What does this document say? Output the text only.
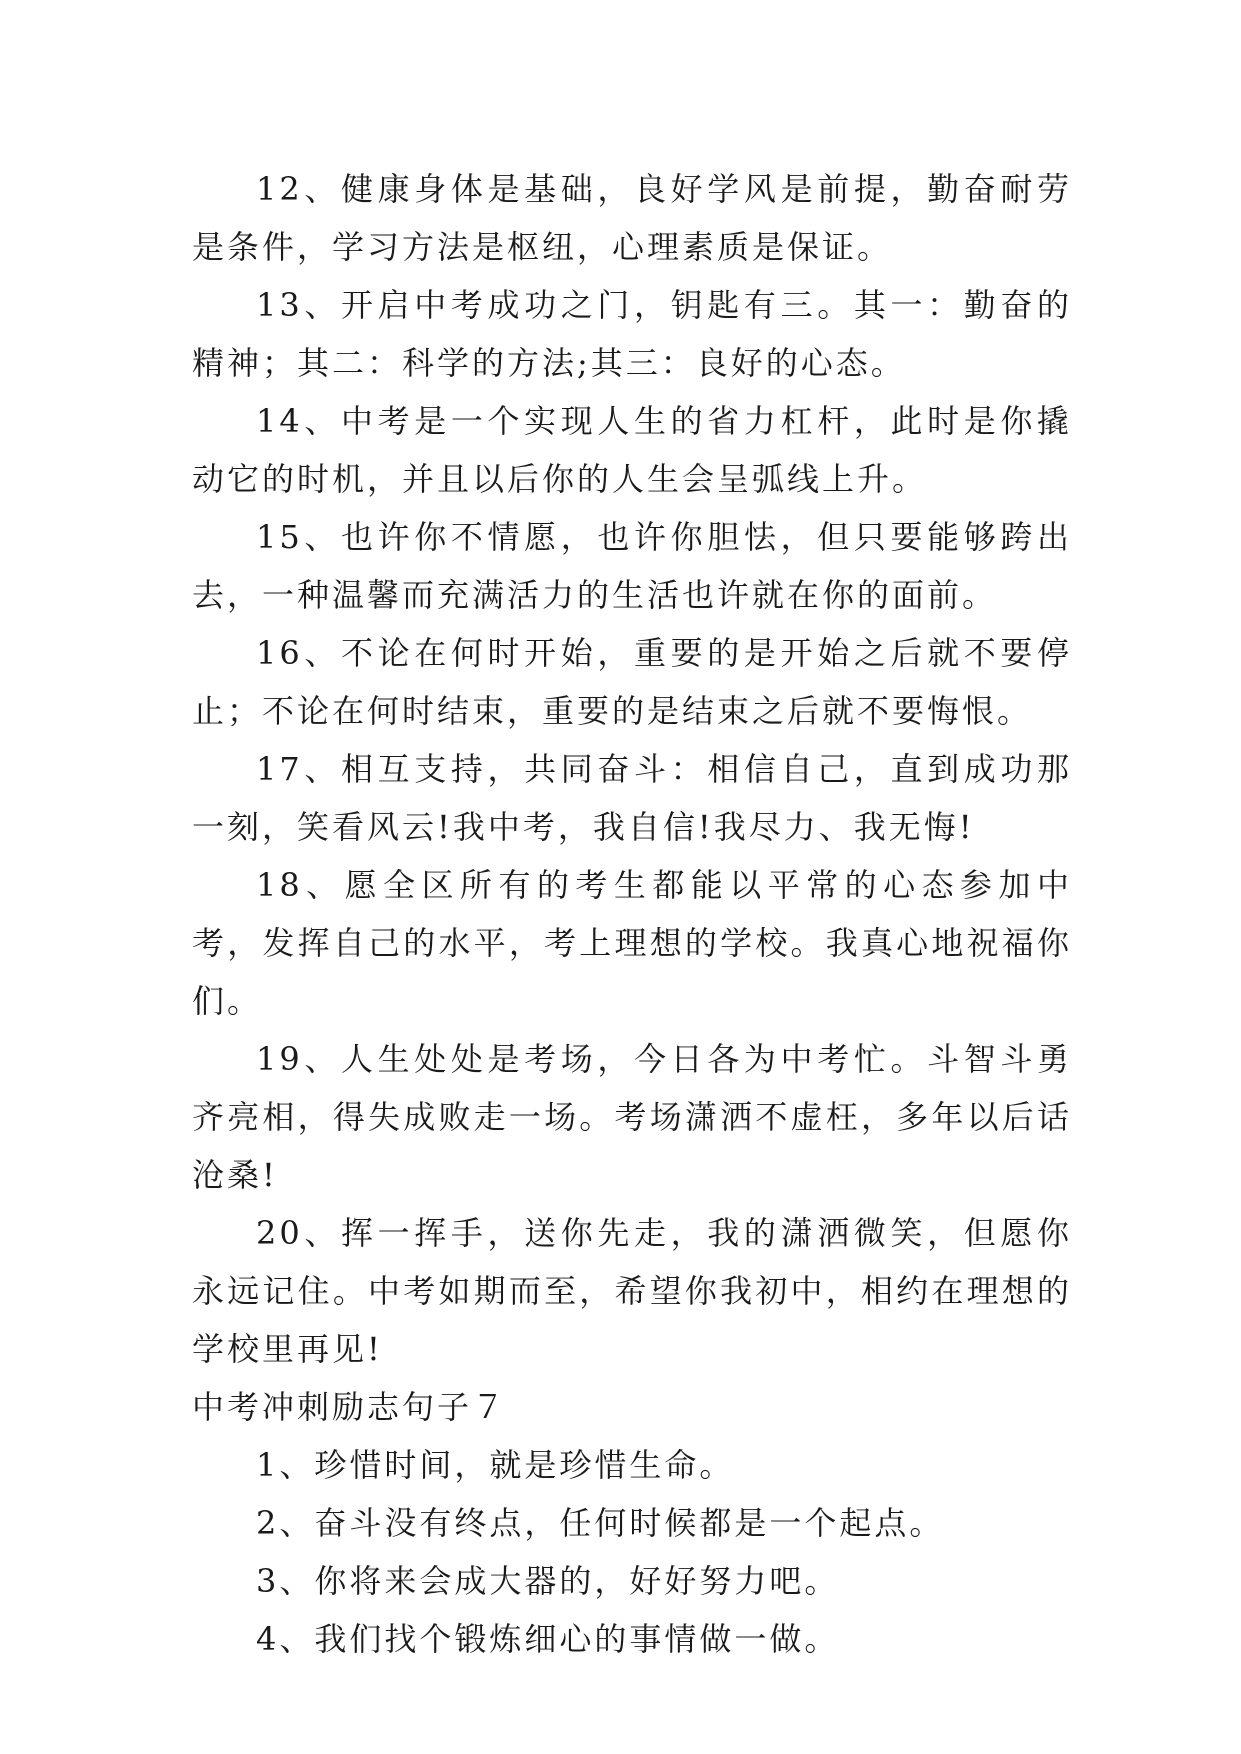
12、健康身体是基础，良好学风是前提，勤奋耐劳是条件，学习方法是枢纽，心理素质是保证。

13、开启中考成功之门，钥匙有三。其一：勤奋的精神；其二：科学的方法;其三：良好的心态。

14、中考是一个实现人生的省力杠杆，此时是你撬动它的时机，并且以后你的人生会呈弧线上升。

15、也许你不情愿，也许你胆怯，但只要能够跨出去，一种温馨而充满活力的生活也许就在你的面前。

16、不论在何时开始，重要的是开始之后就不要停止；不论在何时结束，重要的是结束之后就不要悔恨。

17、相互支持，共同奋斗：相信自己，直到成功那一刻，笑看风云!我中考，我自信!我尽力、我无悔!

18、愿全区所有的考生都能以平常的心态参加中考，发挥自己的水平，考上理想的学校。我真心地祝福你们。

19、人生处处是考场，今日各为中考忙。斗智斗勇齐亮相，得失成败走一场。考场潇洒不虚枉，多年以后话沧桑!

20、挥一挥手，送你先走，我的潇洒微笑，但愿你永远记住。中考如期而至，希望你我初中，相约在理想的学校里再见!

中考冲刺励志句子７

1、珍惜时间，就是珍惜生命。

2、奋斗没有终点，任何时候都是一个起点。

3、你将来会成大器的，好好努力吧。

4、我们找个锻炼细心的事情做一做。
